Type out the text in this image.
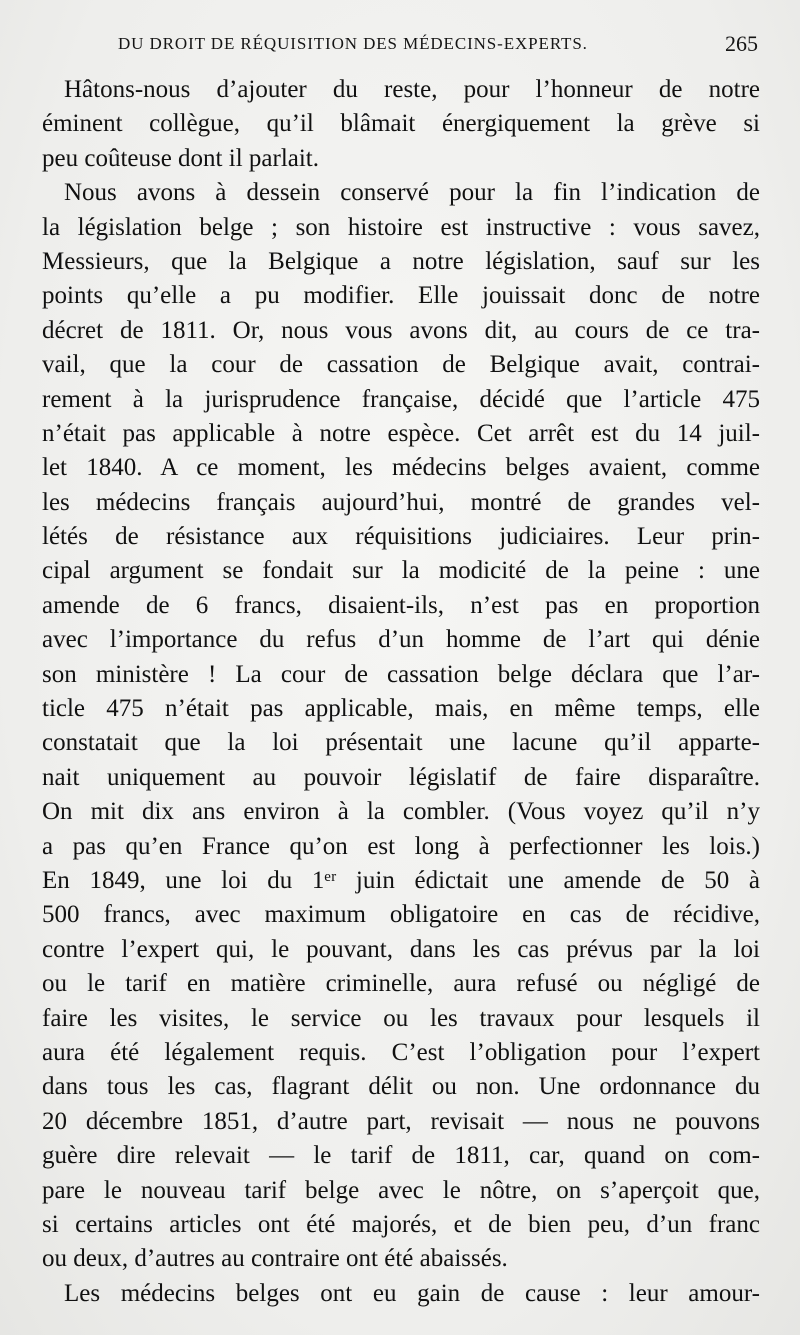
DU DROIT DE RÉQUISITION DES MÉDECINS-EXPERTS.	265
Hâtons-nous d’ajouter du reste, pour l’honneur de notre
éminent collègue, qu’il blâmait énergiquement la grève si
peu coûteuse dont il parlait.
Nous avons à dessein conservé pour la fin l’indication de
la législation belge ; son histoire est instructive : vous savez,
Messieurs, que la Belgique a notre législation, sauf sur les
points qu’elle a pu modifier. Elle jouissait donc de notre
décret de 1811. Or, nous vous avons dit, au cours de ce tra-
vail, que la cour de cassation de Belgique avait, contrai-
rement à la jurisprudence française, décidé que l’article 475
n’était pas applicable à notre espèce. Cet arrêt est du 14 juil-
let 1840. A ce moment, les médecins belges avaient, comme
les médecins français aujourd’hui, montré de grandes vel-
létés de résistance aux réquisitions judiciaires. Leur prin-
cipal argument se fondait sur la modicité de la peine : une
amende de 6 francs, disaient-ils, n’est pas en proportion
avec l’importance du refus d’un homme de l’art qui dénie
son ministère ! La cour de cassation belge déclara que l’ar-
ticle 475 n’était pas applicable, mais, en même temps, elle
constatait que la loi présentait une lacune qu’il apparte-
nait uniquement au pouvoir législatif de faire disparaître.
On mit dix ans environ à la combler. (Vous voyez qu’il n’y
a pas qu’en France qu’on est long à perfectionner les lois.)
En 1849, une loi du 1ᵉʳ juin édictait une amende de 50 à
500 francs, avec maximum obligatoire en cas de récidive,
contre l’expert qui, le pouvant, dans les cas prévus par la loi
ou le tarif en matière criminelle, aura refusé ou négligé de
faire les visites, le service ou les travaux pour lesquels il
aura été légalement requis. C’est l’obligation pour l’expert
dans tous les cas, flagrant délit ou non. Une ordonnance du
20 décembre 1851, d’autre part, revisait — nous ne pouvons
guère dire relevait — le tarif de 1811, car, quand on com-
pare le nouveau tarif belge avec le nôtre, on s’aperçoit que,
si certains articles ont été majorés, et de bien peu, d’un franc
ou deux, d’autres au contraire ont été abaissés.
Les médecins belges ont eu gain de cause : leur amour-
